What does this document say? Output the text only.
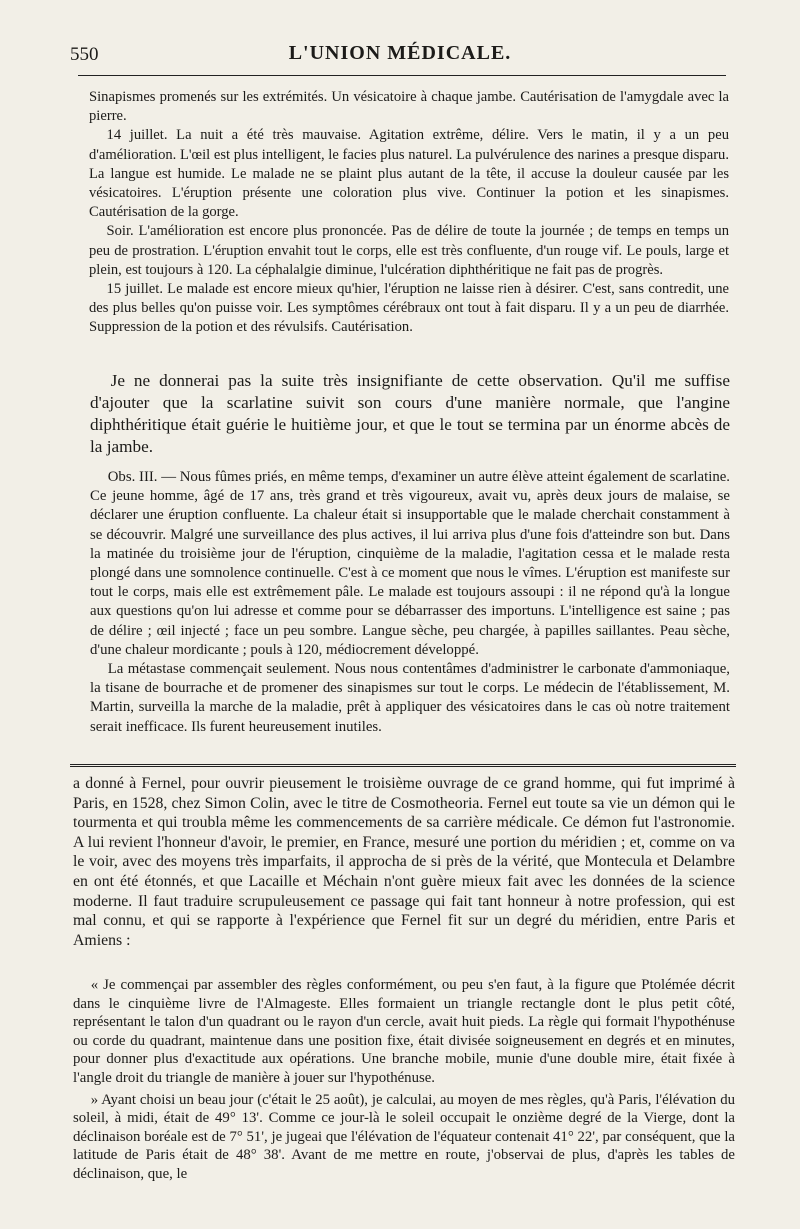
550	L'UNION MÉDICALE.

Sinapismes promenés sur les extrémités. Un vésicatoire à chaque jambe. Cautérisation de l'amygdale avec la pierre.

14 juillet. La nuit a été très mauvaise. Agitation extrême, délire. Vers le matin, il y a un peu d'amélioration. L'œil est plus intelligent, le facies plus naturel. La pulvérulence des narines a presque disparu. La langue est humide. Le malade ne se plaint plus autant de la tête, il accuse la douleur causée par les vésicatoires. L'éruption présente une coloration plus vive. Continuer la potion et les sinapismes. Cautérisation de la gorge.

Soir. L'amélioration est encore plus prononcée. Pas de délire de toute la journée ; de temps en temps un peu de prostration. L'éruption envahit tout le corps, elle est très confluente, d'un rouge vif. Le pouls, large et plein, est toujours à 120. La céphalalgie diminue, l'ulcération diphthéritique ne fait pas de progrès.

15 juillet. Le malade est encore mieux qu'hier, l'éruption ne laisse rien à désirer. C'est, sans contredit, une des plus belles qu'on puisse voir. Les symptômes cérébraux ont tout à fait disparu. Il y a un peu de diarrhée. Suppression de la potion et des révulsifs. Cautérisation.

Je ne donnerai pas la suite très insignifiante de cette observation. Qu'il me suffise d'ajouter que la scarlatine suivit son cours d'une manière normale, que l'angine diphthéritique était guérie le huitième jour, et que le tout se termina par un énorme abcès de la jambe.

Obs. III. — Nous fûmes priés, en même temps, d'examiner un autre élève atteint également de scarlatine. Ce jeune homme, âgé de 17 ans, très grand et très vigoureux, avait vu, après deux jours de malaise, se déclarer une éruption confluente. La chaleur était si insupportable que le malade cherchait constamment à se découvrir. Malgré une surveillance des plus actives, il lui arriva plus d'une fois d'atteindre son but. Dans la matinée du troisième jour de l'éruption, cinquième de la maladie, l'agitation cessa et le malade resta plongé dans une somnolence continuelle. C'est à ce moment que nous le vîmes. L'éruption est manifeste sur tout le corps, mais elle est extrêmement pâle. Le malade est toujours assoupi : il ne répond qu'à la longue aux questions qu'on lui adresse et comme pour se débarrasser des importuns. L'intelligence est saine ; pas de délire ; œil injecté ; face un peu sombre. Langue sèche, peu chargée, à papilles saillantes. Peau sèche, d'une chaleur mordicante ; pouls à 120, médiocrement développé.

La métastase commençait seulement. Nous nous contentâmes d'administrer le carbonate d'ammoniaque, la tisane de bourrache et de promener des sinapismes sur tout le corps. Le médecin de l'établissement, M. Martin, surveilla la marche de la maladie, prêt à appliquer des vésicatoires dans le cas où notre traitement serait inefficace. Ils furent heureusement inutiles.

a donné à Fernel, pour ouvrir pieusement le troisième ouvrage de ce grand homme, qui fut imprimé à Paris, en 1528, chez Simon Colin, avec le titre de Cosmotheoria. Fernel eut toute sa vie un démon qui le tourmenta et qui troubla même les commencements de sa carrière médicale. Ce démon fut l'astronomie. A lui revient l'honneur d'avoir, le premier, en France, mesuré une portion du méridien ; et, comme on va le voir, avec des moyens très imparfaits, il approcha de si près de la vérité, que Montecula et Delambre en ont été étonnés, et que Lacaille et Méchain n'ont guère mieux fait avec les données de la science moderne. Il faut traduire scrupuleusement ce passage qui fait tant honneur à notre profession, qui est mal connu, et qui se rapporte à l'expérience que Fernel fit sur un degré du méridien, entre Paris et Amiens :

« Je commençai par assembler des règles conformément, ou peu s'en faut, à la figure que Ptolémée décrit dans le cinquième livre de l'Almageste. Elles formaient un triangle rectangle dont le plus petit côté, représentant le talon d'un quadrant ou le rayon d'un cercle, avait huit pieds. La règle qui formait l'hypothénuse ou corde du quadrant, maintenue dans une position fixe, était divisée soigneusement en degrés et en minutes, pour donner plus d'exactitude aux opérations. Une branche mobile, munie d'une double mire, était fixée à l'angle droit du triangle de manière à jouer sur l'hypothénuse.

» Ayant choisi un beau jour (c'était le 25 août), je calculai, au moyen de mes règles, qu'à Paris, l'élévation du soleil, à midi, était de 49° 13'. Comme ce jour-là le soleil occupait le onzième degré de la Vierge, dont la déclinaison boréale est de 7° 51', je jugeai que l'élévation de l'équateur contenait 41° 22', par conséquent, que la latitude de Paris était de 48° 38'. Avant de me mettre en route, j'observai de plus, d'après les tables de déclinaison, que, le
